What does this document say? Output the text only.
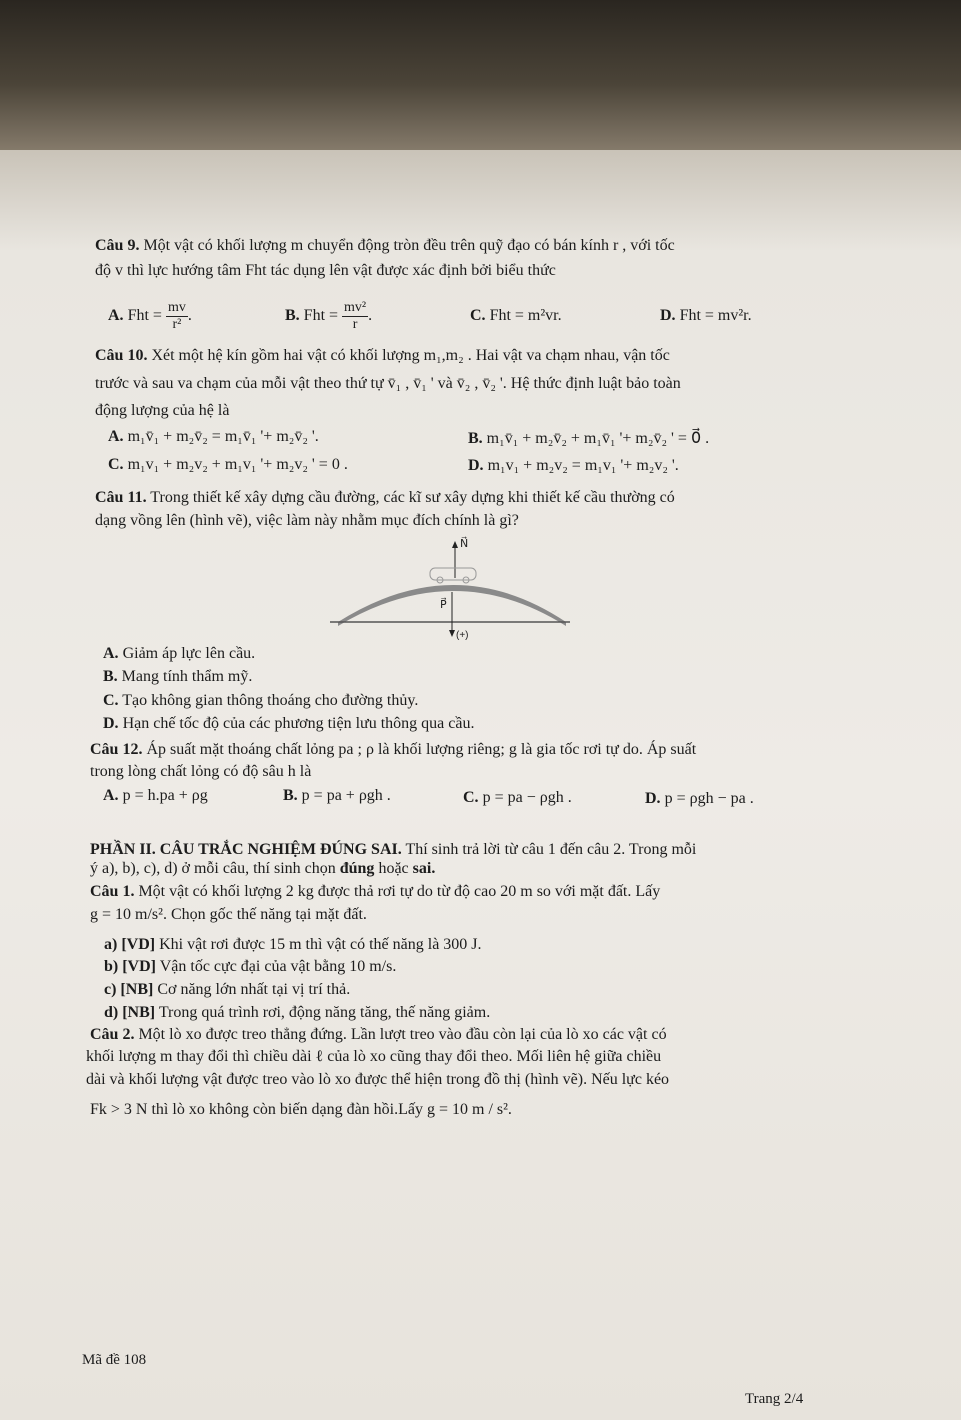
Câu 9. Một vật có khối lượng m chuyển động tròn đều trên quỹ đạo có bán kính r , với tốc
độ v thì lực hướng tâm Fht tác dụng lên vật được xác định bởi biểu thức
A. Fht = $\frac{mv}{\text{r²}}$ .	B. Fht = $\frac{\text{mv²}}{r}$ .	C. Fht = m²vr.	D. Fht = mv²r.
Câu 10. Xét một hệ kín gồm hai vật có khối lượng m₁,m₂ . Hai vật va chạm nhau, vận tốc
trước và sau va chạm của mỗi vật theo thứ tự v̄₁ , v̄₁ ' và v̄₂ , v̄₂ '. Hệ thức định luật bảo toàn
động lượng của hệ là
A. m₁v̄₁ + m₂v̄₂ = m₁v̄₁ '+ m₂v̄₂ '.	B. m₁v̄₁ + m₂v̄₂ + m₁v̄₁ '+ m₂v̄₂ ' = 0⃗ .
C. m₁v₁ + m₂v₂ + m₁v₁ '+ m₂v₂ ' = 0 .	D. m₁v₁ + m₂v₂ = m₁v₁ '+ m₂v₂ '.
Câu 11. Trong thiết kế xây dựng cầu đường, các kĩ sư xây dựng khi thiết kế cầu thường có
dạng vồng lên (hình vẽ), việc làm này nhằm mục đích chính là gì?
N⃗
P⃗
(+)
A. Giảm áp lực lên cầu.
B. Mang tính thẩm mỹ.
C. Tạo không gian thông thoáng cho đường thủy.
D. Hạn chế tốc độ của các phương tiện lưu thông qua cầu.
Câu 12. Áp suất mặt thoáng chất lỏng pa ; ρ là khối lượng riêng; g là gia tốc rơi tự do. Áp suất
trong lòng chất lỏng có độ sâu h là
A. p = h.pa + ρg	B. p = pa + ρgh .	C. p = pa − ρgh .	D. p = ρgh − pa .
PHẦN II. CÂU TRẮC NGHIỆM ĐÚNG SAI. Thí sinh trả lời từ câu 1 đến câu 2. Trong mỗi
ý a), b), c), d) ở mỗi câu, thí sinh chọn đúng hoặc sai.
Câu 1. Một vật có khối lượng 2 kg được thả rơi tự do từ độ cao 20 m so với mặt đất. Lấy
g = 10 m/s². Chọn gốc thế năng tại mặt đất.
a) [VD] Khi vật rơi được 15 m thì vật có thế năng là 300 J.
b) [VD] Vận tốc cực đại của vật bằng 10 m/s.
c) [NB] Cơ năng lớn nhất tại vị trí thả.
d) [NB] Trong quá trình rơi, động năng tăng, thế năng giảm.
Câu 2. Một lò xo được treo thẳng đứng. Lần lượt treo vào đầu còn lại của lò xo các vật có
khối lượng m thay đổi thì chiều dài ℓ của lò xo cũng thay đổi theo. Mối liên hệ giữa chiều
dài và khối lượng vật được treo vào lò xo được thể hiện trong đồ thị (hình vẽ). Nếu lực kéo
Fk > 3 N thì lò xo không còn biến dạng đàn hồi.Lấy g = 10 m / s².
Mã đề 108
Trang 2/4
